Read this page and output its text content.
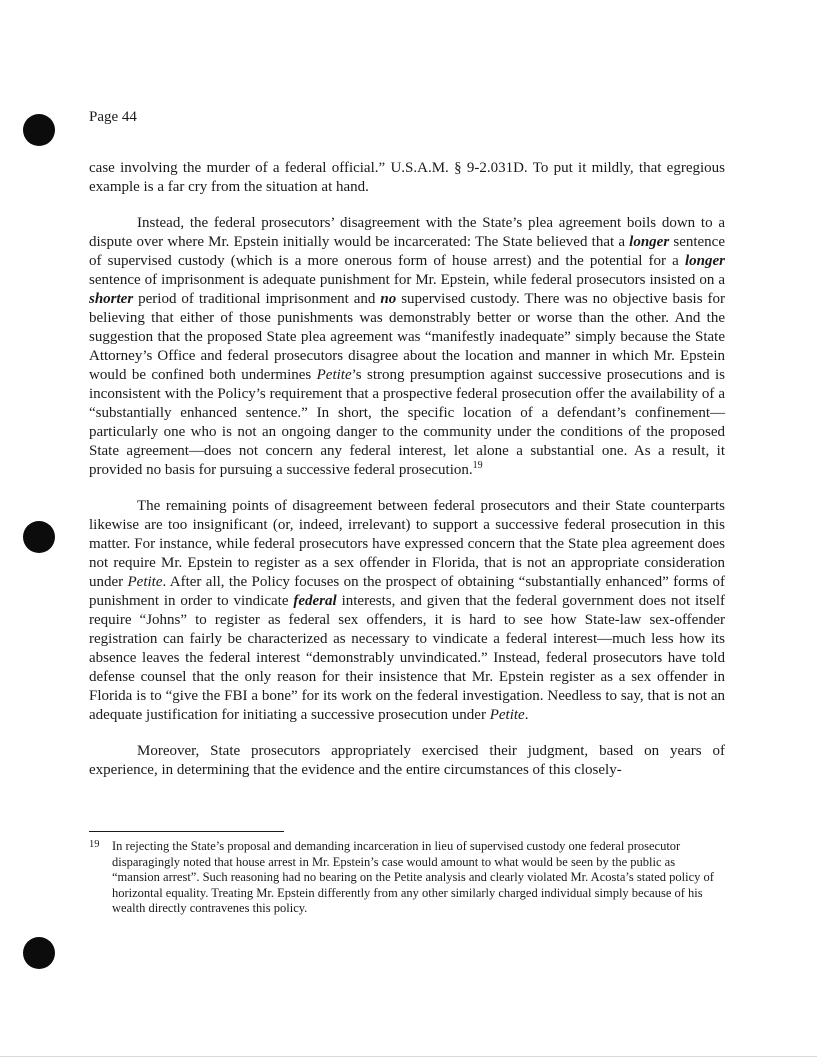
Page 44

case involving the murder of a federal official.” U.S.A.M. § 9-2.031D. To put it mildly, that egregious example is a far cry from the situation at hand.

Instead, the federal prosecutors’ disagreement with the State’s plea agreement boils down to a dispute over where Mr. Epstein initially would be incarcerated: The State believed that a longer sentence of supervised custody (which is a more onerous form of house arrest) and the potential for a longer sentence of imprisonment is adequate punishment for Mr. Epstein, while federal prosecutors insisted on a shorter period of traditional imprisonment and no supervised custody. There was no objective basis for believing that either of those punishments was demonstrably better or worse than the other. And the suggestion that the proposed State plea agreement was “manifestly inadequate” simply because the State Attorney’s Office and federal prosecutors disagree about the location and manner in which Mr. Epstein would be confined both undermines Petite’s strong presumption against successive prosecutions and is inconsistent with the Policy’s requirement that a prospective federal prosecution offer the availability of a “substantially enhanced sentence.” In short, the specific location of a defendant’s confinement—particularly one who is not an ongoing danger to the community under the conditions of the proposed State agreement—does not concern any federal interest, let alone a substantial one. As a result, it provided no basis for pursuing a successive federal prosecution.$^{19}$

The remaining points of disagreement between federal prosecutors and their State counterparts likewise are too insignificant (or, indeed, irrelevant) to support a successive federal prosecution in this matter. For instance, while federal prosecutors have expressed concern that the State plea agreement does not require Mr. Epstein to register as a sex offender in Florida, that is not an appropriate consideration under Petite. After all, the Policy focuses on the prospect of obtaining “substantially enhanced” forms of punishment in order to vindicate federal interests, and given that the federal government does not itself require “Johns” to register as federal sex offenders, it is hard to see how State-law sex-offender registration can fairly be characterized as necessary to vindicate a federal interest—much less how its absence leaves the federal interest “demonstrably unvindicated.” Instead, federal prosecutors have told defense counsel that the only reason for their insistence that Mr. Epstein register as a sex offender in Florida is to “give the FBI a bone” for its work on the federal investigation. Needless to say, that is not an adequate justification for initiating a successive prosecution under Petite.

Moreover, State prosecutors appropriately exercised their judgment, based on years of experience, in determining that the evidence and the entire circumstances of this closely-

19 In rejecting the State’s proposal and demanding incarceration in lieu of supervised custody one federal prosecutor disparagingly noted that house arrest in Mr. Epstein’s case would amount to what would be seen by the public as “mansion arrest”. Such reasoning had no bearing on the Petite analysis and clearly violated Mr. Acosta’s stated policy of horizontal equality. Treating Mr. Epstein differently from any other similarly charged individual simply because of his wealth directly contravenes this policy.
